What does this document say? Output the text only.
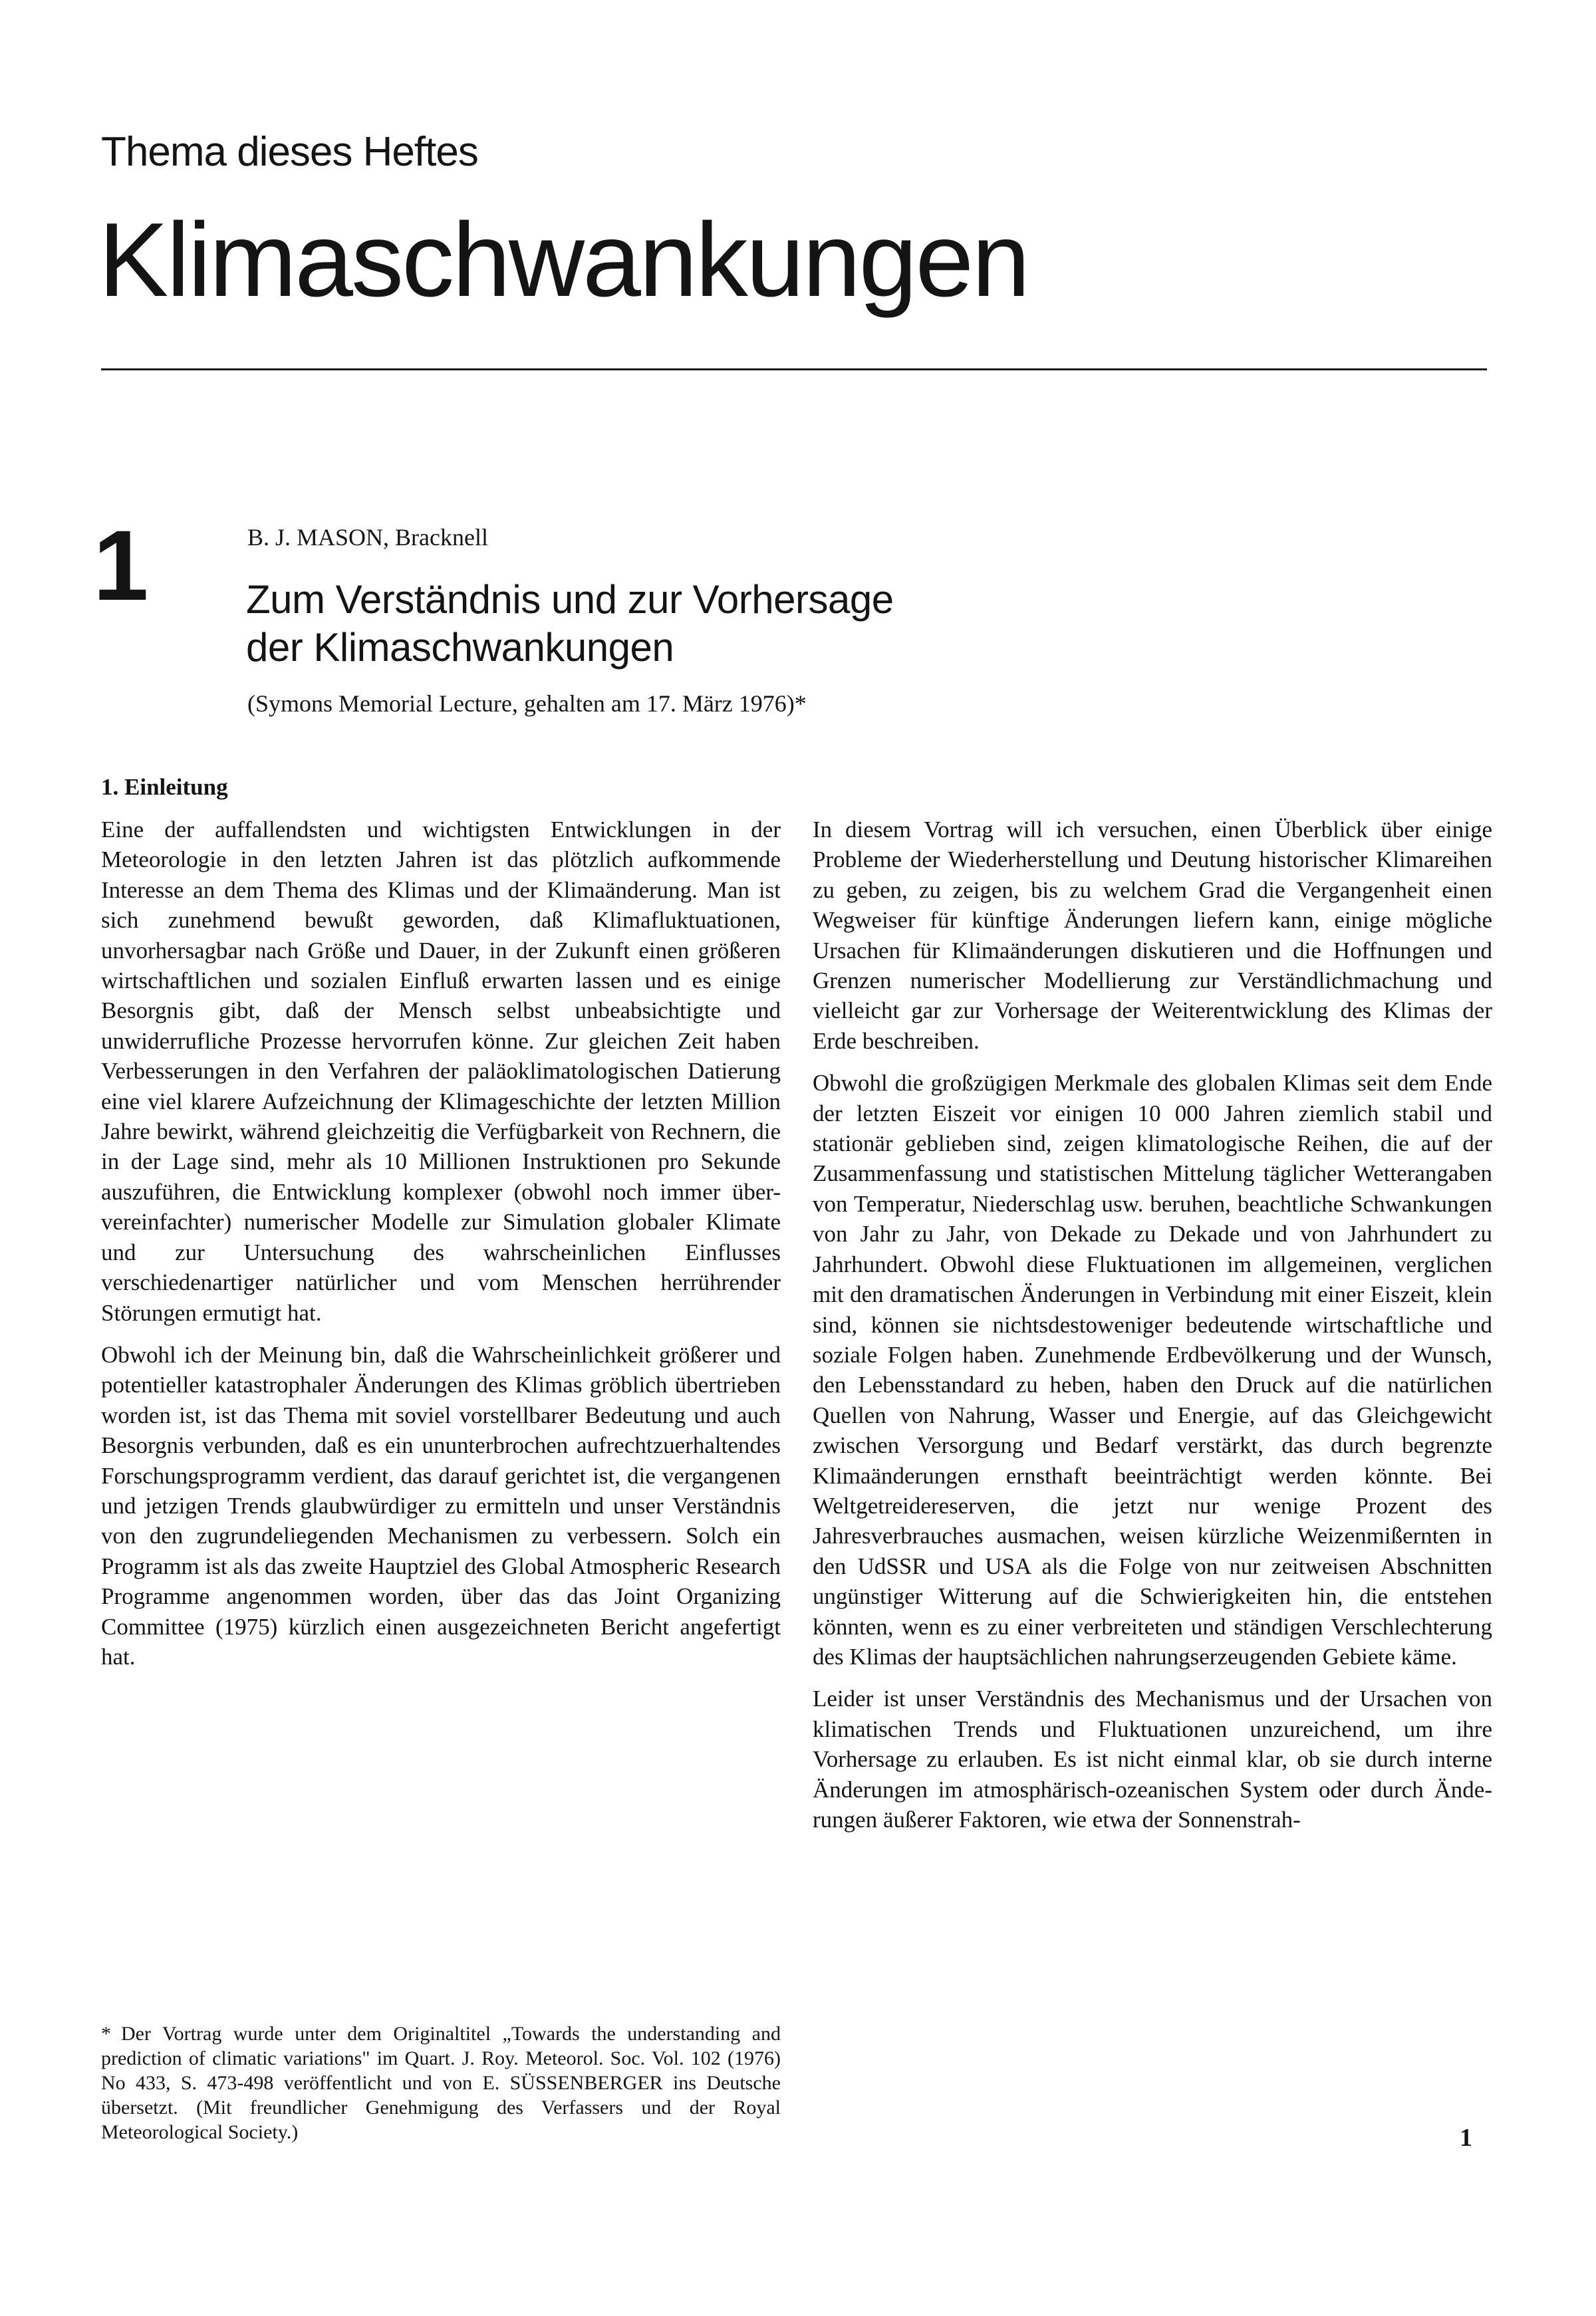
Thema dieses Heftes
Klimaschwankungen
1	B. J. MASON, Bracknell
Zum Verständnis und zur Vorhersage
der Klimaschwankungen
(Symons Memorial Lecture, gehalten am 17. März 1976)*
1. Einleitung

Eine der auffallendsten und wichtigsten Entwicklungen in der Meteorologie in den letzten Jahren ist das plötzlich aufkommende Interesse an dem Thema des Klimas und der Klimaänderung. Man ist sich zunehmend bewußt geworden, daß Klimafluktuationen, unvorhersagbar nach Größe und Dauer, in der Zukunft einen größeren wirtschaftlichen und sozialen Einfluß erwarten lassen und es einige Besorgnis gibt, daß der Mensch selbst unbeabsichtigte und unwiderrufliche Prozesse hervorrufen könne. Zur gleichen Zeit haben Verbesserungen in den Verfahren der paläoklimatologischen Datierung eine viel klarere Aufzeichnung der Klimageschichte der letzten Million Jahre bewirkt, während gleichzeitig die Verfügbarkeit von Rechnern, die in der Lage sind, mehr als 10 Millionen Instruktionen pro Sekunde auszuführen, die Entwicklung komplexer (obwohl noch immer über-vereinfachter) numerischer Modelle zur Simulation globaler Klimate und zur Untersuchung des wahrscheinlichen Einflusses verschiedenartiger natürlicher und vom Menschen herrührender Störungen ermutigt hat.

Obwohl ich der Meinung bin, daß die Wahrscheinlichkeit größerer und potentieller katastrophaler Änderungen des Klimas gröblich übertrieben worden ist, ist das Thema mit soviel vorstellbarer Bedeutung und auch Besorgnis verbunden, daß es ein ununterbrochen aufrechtzuerhaltendes Forschungsprogramm verdient, das darauf gerichtet ist, die vergangenen und jetzigen Trends glaubwürdiger zu ermitteln und unser Verständnis von den zugrundeliegenden Mechanismen zu verbessern. Solch ein Programm ist als das zweite Hauptziel des Global Atmospheric Research Programme angenommen worden, über das das Joint Organizing Committee (1975) kürzlich einen ausgezeichneten Bericht angefertigt hat.

In diesem Vortrag will ich versuchen, einen Überblick über einige Probleme der Wiederherstellung und Deutung historischer Klimareihen zu geben, zu zeigen, bis zu welchem Grad die Vergangenheit einen Wegweiser für künftige Änderungen liefern kann, einige mögliche Ursachen für Klimaänderungen diskutieren und die Hoffnungen und Grenzen numerischer Modellierung zur Verständlichmachung und vielleicht gar zur Vorhersage der Weiterentwicklung des Klimas der Erde beschreiben.

Obwohl die großzügigen Merkmale des globalen Klimas seit dem Ende der letzten Eiszeit vor einigen 10 000 Jahren ziemlich stabil und stationär geblieben sind, zeigen klimatologische Reihen, die auf der Zusammenfassung und statistischen Mittelung täglicher Wetterangaben von Temperatur, Niederschlag usw. beruhen, beachtliche Schwankungen von Jahr zu Jahr, von Dekade zu Dekade und von Jahrhundert zu Jahrhundert. Obwohl diese Fluktuationen im allgemeinen, verglichen mit den dramatischen Änderungen in Verbindung mit einer Eiszeit, klein sind, können sie nichtsdestoweniger bedeutende wirtschaftliche und soziale Folgen haben. Zunehmende Erdbevölkerung und der Wunsch, den Lebensstandard zu heben, haben den Druck auf die natürlichen Quellen von Nahrung, Wasser und Energie, auf das Gleichgewicht zwischen Versorgung und Bedarf verstärkt, das durch begrenzte Klimaänderungen ernsthaft beeinträchtigt werden könnte. Bei Weltgetreidereserven, die jetzt nur wenige Prozent des Jahresverbrauches ausmachen, weisen kürzliche Weizenmißernten in den UdSSR und USA als die Folge von nur zeitweisen Abschnitten ungünstiger Witterung auf die Schwierigkeiten hin, die entstehen könnten, wenn es zu einer verbreiteten und ständigen Verschlechterung des Klimas der hauptsächlichen nahrungserzeugenden Gebiete käme.

Leider ist unser Verständnis des Mechanismus und der Ursachen von klimatischen Trends und Fluktuationen unzureichend, um ihre Vorhersage zu erlauben. Es ist nicht einmal klar, ob sie durch interne Änderungen im atmosphärisch-ozeanischen System oder durch Änderungen äußerer Faktoren, wie etwa der Sonnenstrah-

* Der Vortrag wurde unter dem Originaltitel „Towards the understanding and prediction of climatic variations" im Quart. J. Roy. Meteorol. Soc. Vol. 102 (1976) No 433, S. 473-498 veröffentlicht und von E. SÜSSENBERGER ins Deutsche übersetzt. (Mit freundlicher Genehmigung des Verfassers und der Royal Meteorological Society.)	1
